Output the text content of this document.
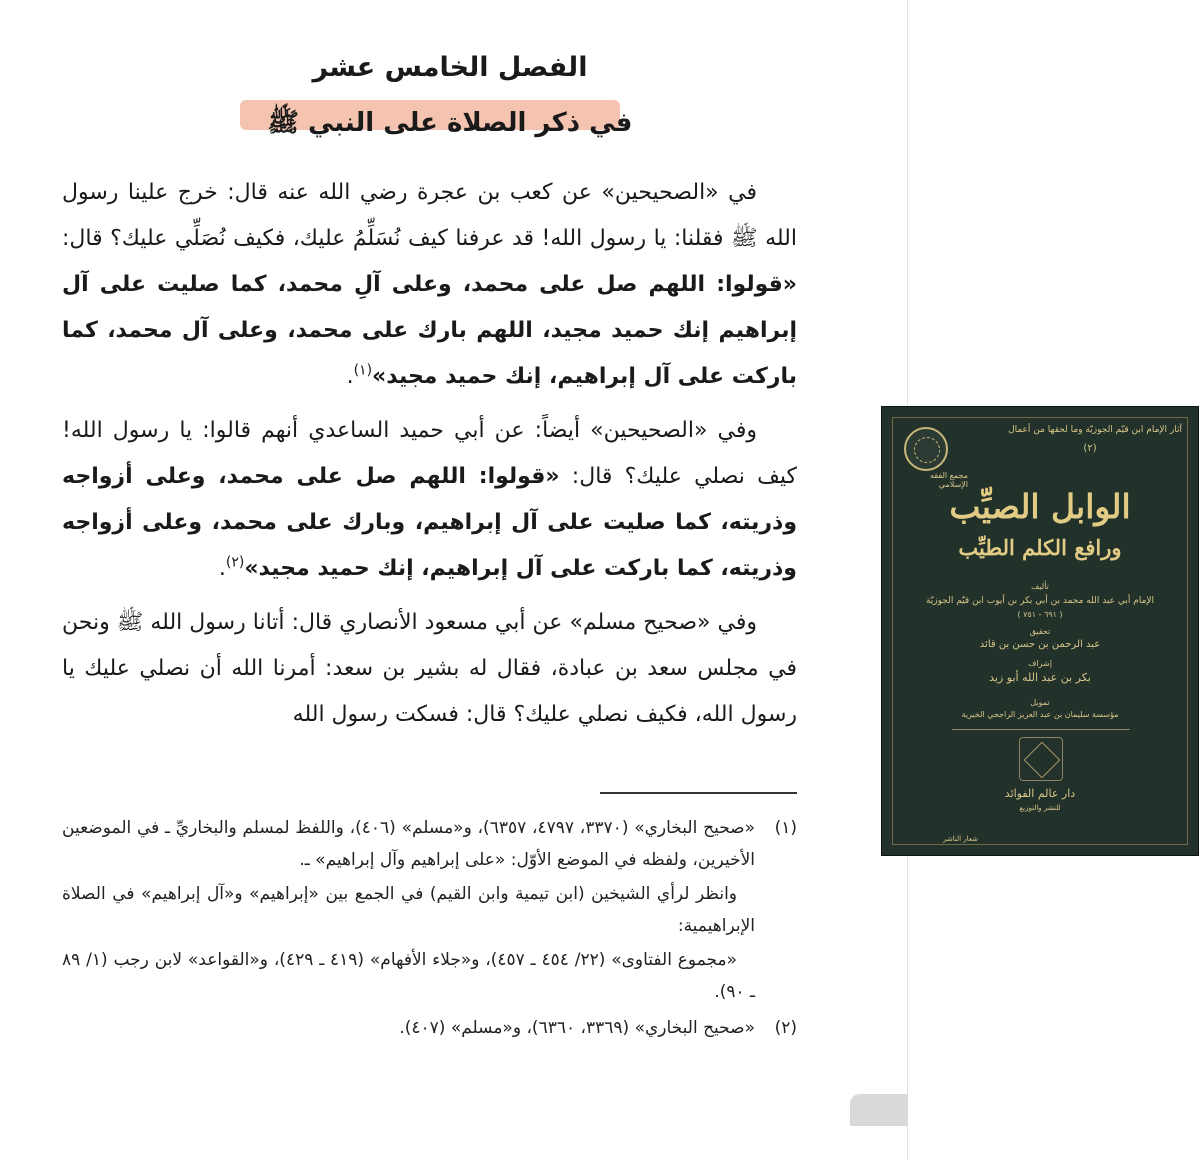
الفصل الخامس عشر
في ذكر الصلاة على النبي ﷺ

في «الصحيحين» عن كعب بن عجرة رضي الله عنه قال: خرج علينا رسول الله ﷺ فقلنا: يا رسول الله! قد عرفنا كيف نُسَلِّمُ عليك، فكيف نُصَلِّي عليك؟ قال: «قولوا: اللهم صل على محمد، وعلى آلِ محمد، كما صليت على آل إبراهيم إنك حميد مجيد، اللهم بارك على محمد، وعلى آل محمد، كما باركت على آل إبراهيم، إنك حميد مجيد»$^{(١)}$.

وفي «الصحيحين» أيضاً: عن أبي حميد الساعدي أنهم قالوا: يا رسول الله! كيف نصلي عليك؟ قال: «قولوا: اللهم صل على محمد، وعلى أزواجه وذريته، كما صليت على آل إبراهيم، وبارك على محمد، وعلى أزواجه وذريته، كما باركت على آل إبراهيم، إنك حميد مجيد»$^{(٢)}$.

وفي «صحيح مسلم» عن أبي مسعود الأنصاري قال: أتانا رسول الله ﷺ ونحن في مجلس سعد بن عبادة، فقال له بشير بن سعد: أمرنا الله أن نصلي عليك يا رسول الله، فكيف نصلي عليك؟ قال: فسكت رسول الله

(١)
«صحيح البخاري» (٣٣٧٠، ٤٧٩٧، ٦٣٥٧)، و«مسلم» (٤٠٦)، واللفظ لمسلم والبخاريِّ ـ في الموضعين الأخيرين، ولفظه في الموضع الأوّل: «على إبراهيم وآل إبراهيم» ـ.
وانظر لرأي الشيخين (ابن تيمية وابن القيم) في الجمع بين «إبراهيم» و«آل إبراهيم» في الصلاة الإبراهيمية:
«مجموع الفتاوى» (٢٢/ ٤٥٤ ـ ٤٥٧)، و«جلاء الأفهام» (٤١٩ ـ ٤٢٩)، و«القواعد» لابن رجب (١/ ٨٩ ـ ٩٠).
(٢)
«صحيح البخاري» (٣٣٦٩، ٦٣٦٠)، و«مسلم» (٤٠٧).
آثار الإمام ابن قيّم الجوزيّة وما لحقها من أعمال
(٢)
مجمع الفقه الإسلامي
الوابل الصيِّب
ورافع الكلم الطيِّب
تأليف
الإمام أبي عبد الله محمد بن أبي بكر بن أيوب ابن قيّم الجوزيّة
( ٦٩١ - ٧٥١ )
تحقيق
عبد الرحمن بن حسن بن قائد
إشراف
بكر بن عبد الله أبو زيد
تمويل
مؤسسة سليمان بن عبد العزيز الراجحي الخيرية
دار عالم الفوائد
للنشر والتوزيع
شعار الناشر
